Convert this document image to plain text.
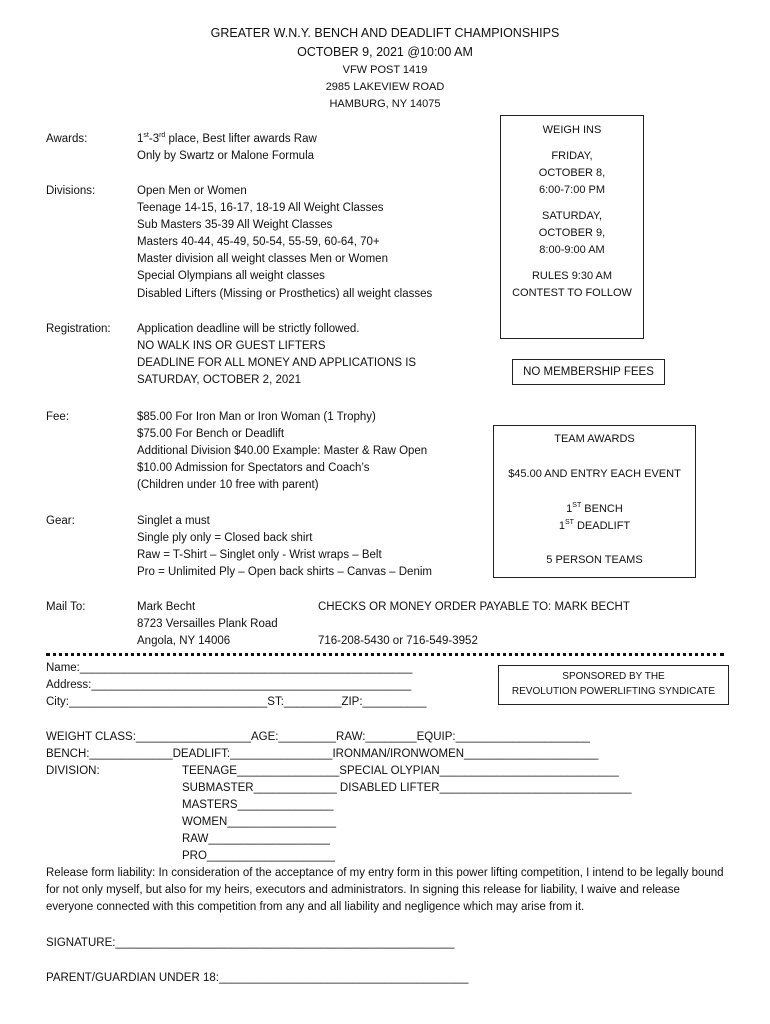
GREATER W.N.Y. BENCH AND DEADLIFT CHAMPIONSHIPS
OCTOBER 9, 2021 @10:00 AM
VFW POST 1419
2985 LAKEVIEW ROAD
HAMBURG, NY 14075
Awards:	1st-3rd place, Best lifter awards Raw
Only by Swartz or Malone Formula
Divisions:	Open Men or Women
Teenage 14-15, 16-17, 18-19 All Weight Classes
Sub Masters 35-39 All Weight Classes
Masters 40-44, 45-49, 50-54, 55-59, 60-64, 70+
Master division all weight classes Men or Women
Special Olympians all weight classes
Disabled Lifters (Missing or Prosthetics) all weight classes
Registration: Application deadline will be strictly followed.
NO WALK INS OR GUEST LIFTERS
DEADLINE FOR ALL MONEY AND APPLICATIONS IS
SATURDAY, OCTOBER 2, 2021
Fee:	$85.00 For Iron Man or Iron Woman (1 Trophy)
$75.00 For Bench or Deadlift
Additional Division $40.00 Example: Master & Raw Open
$10.00 Admission for Spectators and Coach’s
(Children under 10 free with parent)
Gear:	Singlet a must
Single ply only = Closed back shirt
Raw = T-Shirt – Singlet only - Wrist wraps – Belt
Pro = Unlimited Ply – Open back shirts – Canvas – Denim
Mail To:	Mark Becht
8723 Versailles Plank Road
Angola, NY 14006
CHECKS OR MONEY ORDER PAYABLE TO: MARK BECHT
716-208-5430 or 716-549-3952
WEIGH INS
FRIDAY,
OCTOBER 8,
6:00-7:00 PM
SATURDAY,
OCTOBER 9,
8:00-9:00 AM
RULES 9:30 AM
CONTEST TO FOLLOW
NO MEMBERSHIP FEES
TEAM AWARDS
$45.00 AND ENTRY EACH EVENT
1ST BENCH
1ST DEADLIFT
5 PERSON TEAMS
SPONSORED BY THE
REVOLUTION POWERLIFTING SYNDICATE
Name:____________________________________________________
Address:__________________________________________________
City:_______________________________ST:_________ZIP:__________
WEIGHT CLASS:__________________AGE:_________RAW:________EQUIP:_____________________
BENCH:_____________DEADLIFT:________________IRONMAN/IRONWOMEN_____________________
DIVISION:	TEENAGE________________SPECIAL OLYPIAN____________________________
SUBMASTER_____________ DISABLED LIFTER______________________________
MASTERS_______________
WOMEN_________________
RAW___________________
PRO____________________
Release form liability: In consideration of the acceptance of my entry form in this power lifting competition, I intend to be legally bound for not only myself, but also for my heirs, executors and administrators. In signing this release for liability, I waive and release everyone connected with this competition from any and all liability and negligence which may arise from it.
SIGNATURE:_____________________________________________________
PARENT/GUARDIAN UNDER 18:_______________________________________
